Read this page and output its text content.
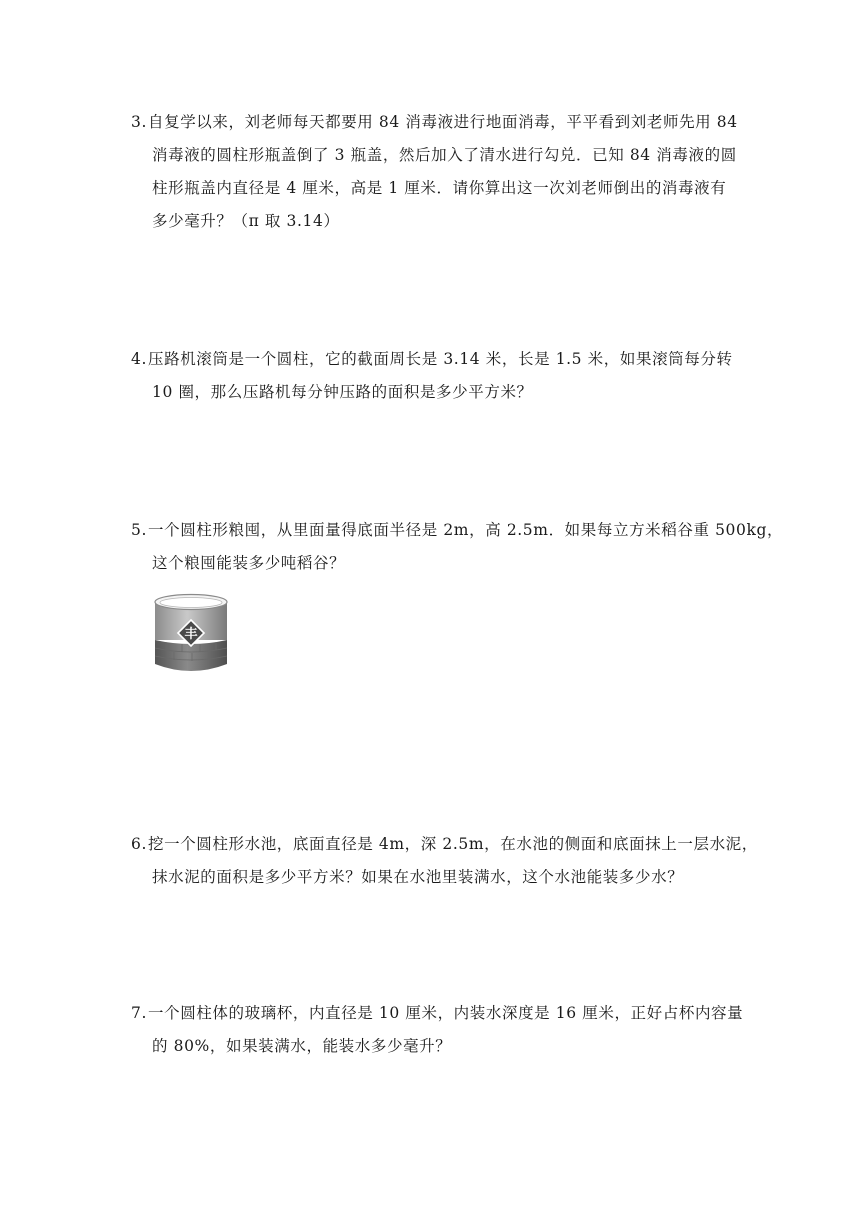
3.自复学以来，刘老师每天都要用 84 消毒液进行地面消毒，平平看到刘老师先用 84
消毒液的圆柱形瓶盖倒了 3 瓶盖，然后加入了清水进行勾兑．已知 84 消毒液的圆
柱形瓶盖内直径是 4 厘米，高是 1 厘米．请你算出这一次刘老师倒出的消毒液有
多少毫升？（π 取 3.14）
4.压路机滚筒是一个圆柱，它的截面周长是 3.14 米，长是 1.5 米，如果滚筒每分转
10 圈，那么压路机每分钟压路的面积是多少平方米？
5.一个圆柱形粮囤，从里面量得底面半径是 2m，高 2.5m．如果每立方米稻谷重 500kg，
这个粮囤能装多少吨稻谷？
丰
6.挖一个圆柱形水池，底面直径是 4m，深 2.5m，在水池的侧面和底面抹上一层水泥，
抹水泥的面积是多少平方米？如果在水池里装满水，这个水池能装多少水？
7.一个圆柱体的玻璃杯，内直径是 10 厘米，内装水深度是 16 厘米，正好占杯内容量
的 80%，如果装满水，能装水多少毫升？
